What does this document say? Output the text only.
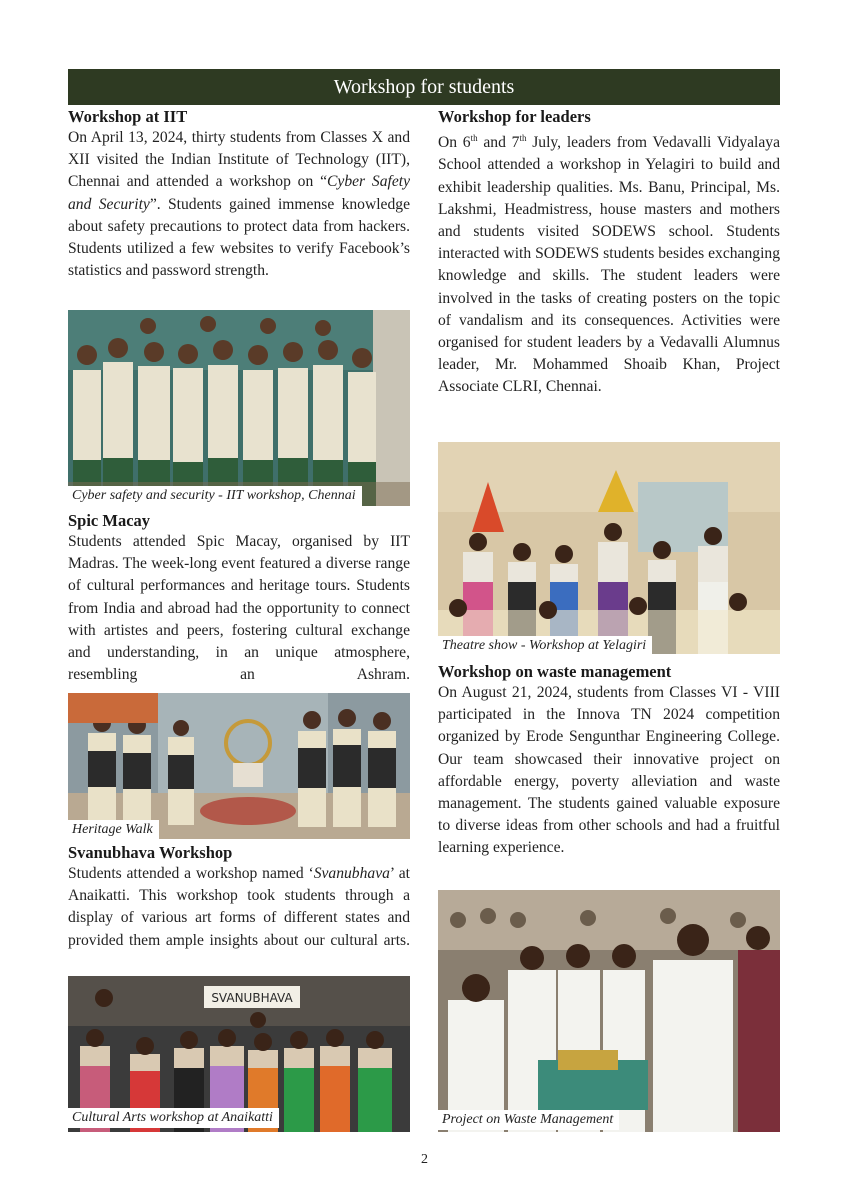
Workshop for students
Workshop at IIT

On April 13, 2024, thirty students from Classes X and XII visited the Indian Institute of Technology (IIT), Chennai and attended a workshop on “Cyber Safety and Security”. Students gained immense knowledge about safety precautions to protect data from hackers. Students utilized a few websites to verify Facebook’s statistics and password strength.

Cyber safety and security - IIT workshop, Chennai
Spic Macay

Students attended Spic Macay, organised by IIT Madras. The week-long event featured a diverse range of cultural performances and heritage tours. Students from India and abroad had the opportunity to connect with artistes and peers, fostering cultural exchange and understanding, in an unique atmosphere, resembling an Ashram.

Heritage Walk
Svanubhava Workshop

Students attended a workshop named ‘Svanubhava’ at Anaikatti. This workshop took students through a display of various art forms of different states and provided them ample insights about our cultural arts.

SVANUBHAVA
Cultural Arts workshop at Anaikatti
Workshop for leaders

On 6th and 7th July, leaders from Vedavalli Vidyalaya School attended a workshop in Yelagiri to build and exhibit leadership qualities. Ms. Banu, Principal, Ms. Lakshmi, Headmistress, house masters and mothers and students visited SODEWS school. Students interacted with SODEWS students besides exchanging knowledge and skills. The student leaders were involved in the tasks of creating posters on the topic of vandalism and its consequences. Activities were organised for student leaders by a Vedavalli Alumnus leader, Mr. Mohammed Shoaib Khan, Project Associate CLRI, Chennai.

Theatre show - Workshop at Yelagiri
Workshop on waste management

On August 21, 2024, students from Classes VI - VIII participated in the Innova TN 2024 competition organized by Erode Sengunthar Engineering College. Our team showcased their innovative project on affordable energy, poverty alleviation and waste management. The students gained valuable exposure to diverse ideas from other schools and had a fruitful learning experience.

Project on Waste Management
2
